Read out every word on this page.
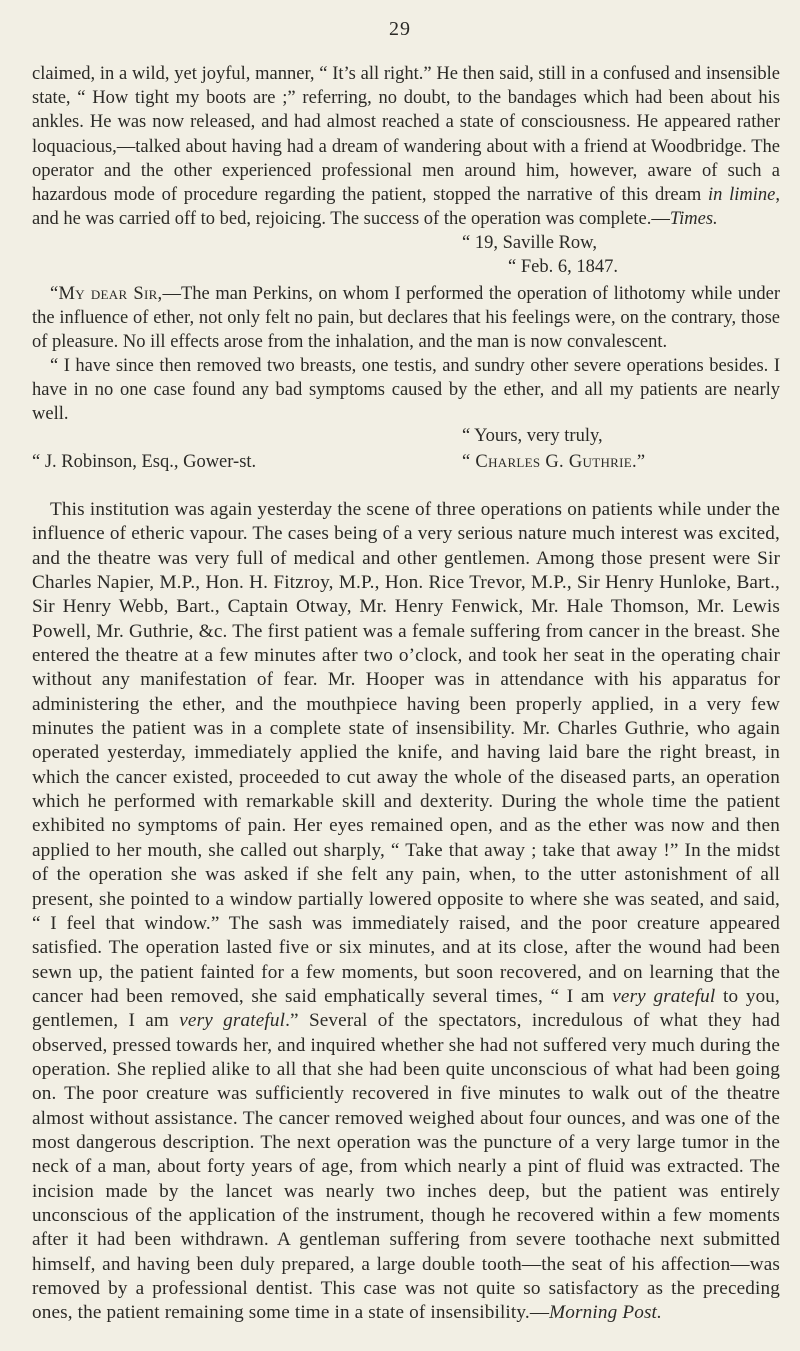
29
claimed, in a wild, yet joyful, manner, “ It’s all right.” He then said, still in a confused and insensible state, “ How tight my boots are ;” referring, no doubt, to the bandages which had been about his ankles. He was now released, and had almost reached a state of consciousness. He appeared rather loquacious,—talked about having had a dream of wandering about with a friend at Woodbridge. The operator and the other experienced professional men around him, however, aware of such a hazardous mode of procedure regarding the patient, stopped the narrative of this dream in limine, and he was carried off to bed, rejoicing. The success of the operation was complete.—Times.
“ 19, Saville Row,
“ Feb. 6, 1847.
“My dear Sir,—The man Perkins, on whom I performed the operation of lithotomy while under the influence of ether, not only felt no pain, but declares that his feelings were, on the contrary, those of pleasure. No ill effects arose from the inhalation, and the man is now convalescent.
“ I have since then removed two breasts, one testis, and sundry other severe operations besides. I have in no one case found any bad symptoms caused by the ether, and all my patients are nearly well.
“ Yours, very truly,
“ J. Robinson, Esq., Gower-st.	“ Charles G. Guthrie.”
This institution was again yesterday the scene of three operations on patients while under the influence of etheric vapour. The cases being of a very serious nature much interest was excited, and the theatre was very full of medical and other gentlemen. Among those present were Sir Charles Napier, M.P., Hon. H. Fitzroy, M.P., Hon. Rice Trevor, M.P., Sir Henry Hunloke, Bart., Sir Henry Webb, Bart., Captain Otway, Mr. Henry Fenwick, Mr. Hale Thomson, Mr. Lewis Powell, Mr. Guthrie, &c. The first patient was a female suffering from cancer in the breast. She entered the theatre at a few minutes after two o’clock, and took her seat in the operating chair without any manifestation of fear. Mr. Hooper was in attendance with his apparatus for administering the ether, and the mouthpiece having been properly applied, in a very few minutes the patient was in a complete state of insensibility. Mr. Charles Guthrie, who again operated yesterday, immediately applied the knife, and having laid bare the right breast, in which the cancer existed, proceeded to cut away the whole of the diseased parts, an operation which he performed with remarkable skill and dexterity. During the whole time the patient exhibited no symptoms of pain. Her eyes remained open, and as the ether was now and then applied to her mouth, she called out sharply, “ Take that away ; take that away !” In the midst of the operation she was asked if she felt any pain, when, to the utter astonishment of all present, she pointed to a window partially lowered opposite to where she was seated, and said, “ I feel that window.” The sash was immediately raised, and the poor creature appeared satisfied. The operation lasted five or six minutes, and at its close, after the wound had been sewn up, the patient fainted for a few moments, but soon recovered, and on learning that the cancer had been removed, she said emphatically several times, “ I am very grateful to you, gentlemen, I am very grateful.” Several of the spectators, incredulous of what they had observed, pressed towards her, and inquired whether she had not suffered very much during the operation. She replied alike to all that she had been quite unconscious of what had been going on. The poor creature was sufficiently recovered in five minutes to walk out of the theatre almost without assistance. The cancer removed weighed about four ounces, and was one of the most dangerous description. The next operation was the puncture of a very large tumor in the neck of a man, about forty years of age, from which nearly a pint of fluid was extracted. The incision made by the lancet was nearly two inches deep, but the patient was entirely unconscious of the application of the instrument, though he recovered within a few moments after it had been withdrawn. A gentleman suffering from severe toothache next submitted himself, and having been duly prepared, a large double tooth—the seat of his affection—was removed by a professional dentist. This case was not quite so satisfactory as the preceding ones, the patient remaining some time in a state of insensibility.—Morning Post.
